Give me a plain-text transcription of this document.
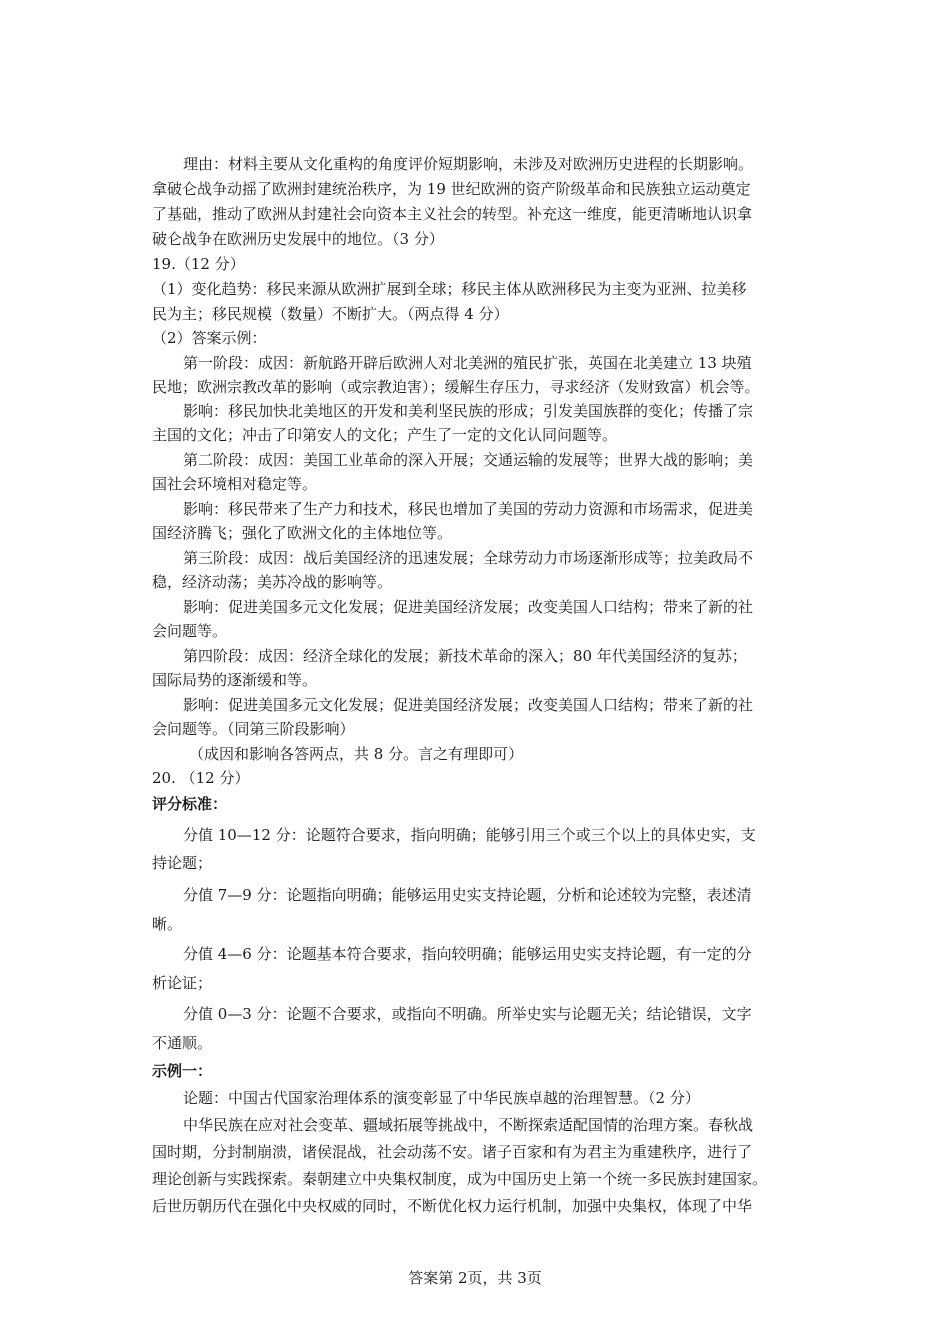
理由：材料主要从文化重构的角度评价短期影响，未涉及对欧洲历史进程的长期影响。
拿破仑战争动摇了欧洲封建统治秩序，为 19 世纪欧洲的资产阶级革命和民族独立运动奠定
了基础，推动了欧洲从封建社会向资本主义社会的转型。补充这一维度，能更清晰地认识拿
破仑战争在欧洲历史发展中的地位。（3 分）
19.（12 分）
（1）变化趋势：移民来源从欧洲扩展到全球；移民主体从欧洲移民为主变为亚洲、拉美移
民为主；移民规模（数量）不断扩大。（两点得 4 分）
（2）答案示例：
第一阶段：成因：新航路开辟后欧洲人对北美洲的殖民扩张，英国在北美建立 13 块殖
民地；欧洲宗教改革的影响（或宗教迫害）；缓解生存压力，寻求经济（发财致富）机会等。
影响：移民加快北美地区的开发和美利坚民族的形成；引发美国族群的变化；传播了宗
主国的文化；冲击了印第安人的文化；产生了一定的文化认同问题等。
第二阶段：成因：美国工业革命的深入开展；交通运输的发展等；世界大战的影响；美
国社会环境相对稳定等。
影响：移民带来了生产力和技术，移民也增加了美国的劳动力资源和市场需求，促进美
国经济腾飞；强化了欧洲文化的主体地位等。
第三阶段：成因：战后美国经济的迅速发展；全球劳动力市场逐渐形成等；拉美政局不
稳，经济动荡；美苏冷战的影响等。
影响：促进美国多元文化发展；促进美国经济发展；改变美国人口结构；带来了新的社
会问题等。
第四阶段：成因：经济全球化的发展；新技术革命的深入；80 年代美国经济的复苏；
国际局势的逐渐缓和等。
影响：促进美国多元文化发展；促进美国经济发展；改变美国人口结构；带来了新的社
会问题等。（同第三阶段影响）
（成因和影响各答两点，共 8 分。言之有理即可）
20. （12 分）
评分标准：
分值 10—12 分：论题符合要求，指向明确；能够引用三个或三个以上的具体史实，支
持论题；
分值 7—9 分：论题指向明确；能够运用史实支持论题，分析和论述较为完整，表述清
晰。
分值 4—6 分：论题基本符合要求，指向较明确；能够运用史实支持论题，有一定的分
析论证；
分值 0—3 分：论题不合要求，或指向不明确。所举史实与论题无关；结论错误，文字
不通顺。
示例一：
论题：中国古代国家治理体系的演变彰显了中华民族卓越的治理智慧。（2 分）
中华民族在应对社会变革、疆域拓展等挑战中，不断探索适配国情的治理方案。春秋战
国时期，分封制崩溃，诸侯混战，社会动荡不安。诸子百家和有为君主为重建秩序，进行了
理论创新与实践探索。秦朝建立中央集权制度，成为中国历史上第一个统一多民族封建国家。
后世历朝历代在强化中央权威的同时，不断优化权力运行机制，加强中央集权，体现了中华
答案第 2页，共 3页
